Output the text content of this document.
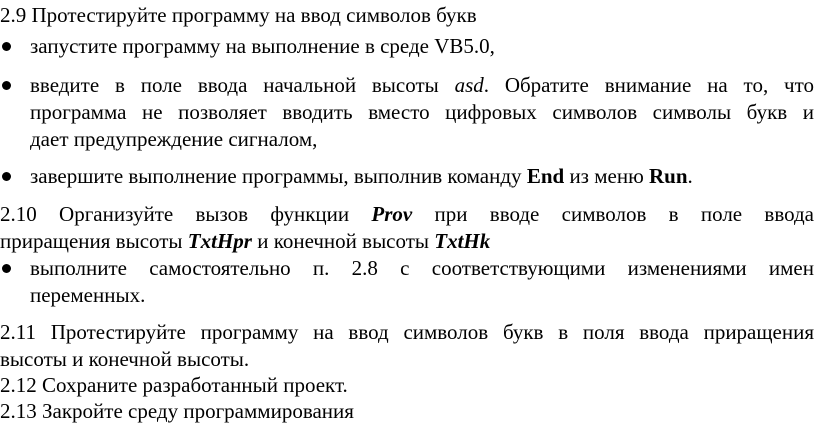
2.9 Протестируйте программу на ввод символов букв
запустите программу на выполнение в среде VB5.0,
введите в поле ввода начальной высоты asd. Обратите внимание на то, что
программа не позволяет вводить вместо цифровых символов символы букв и
дает предупреждение сигналом,
завершите выполнение программы, выполнив команду End из меню Run.
2.10 Организуйте вызов функции Prov при вводе символов в поле ввода
приращения высоты TxtHpr и конечной высоты TxtHk
выполните самостоятельно п. 2.8 с соответствующими изменениями имен
переменных.
2.11 Протестируйте программу на ввод символов букв в поля ввода приращения
высоты и конечной высоты.
2.12 Сохраните разработанный проект.
2.13 Закройте среду программирования
